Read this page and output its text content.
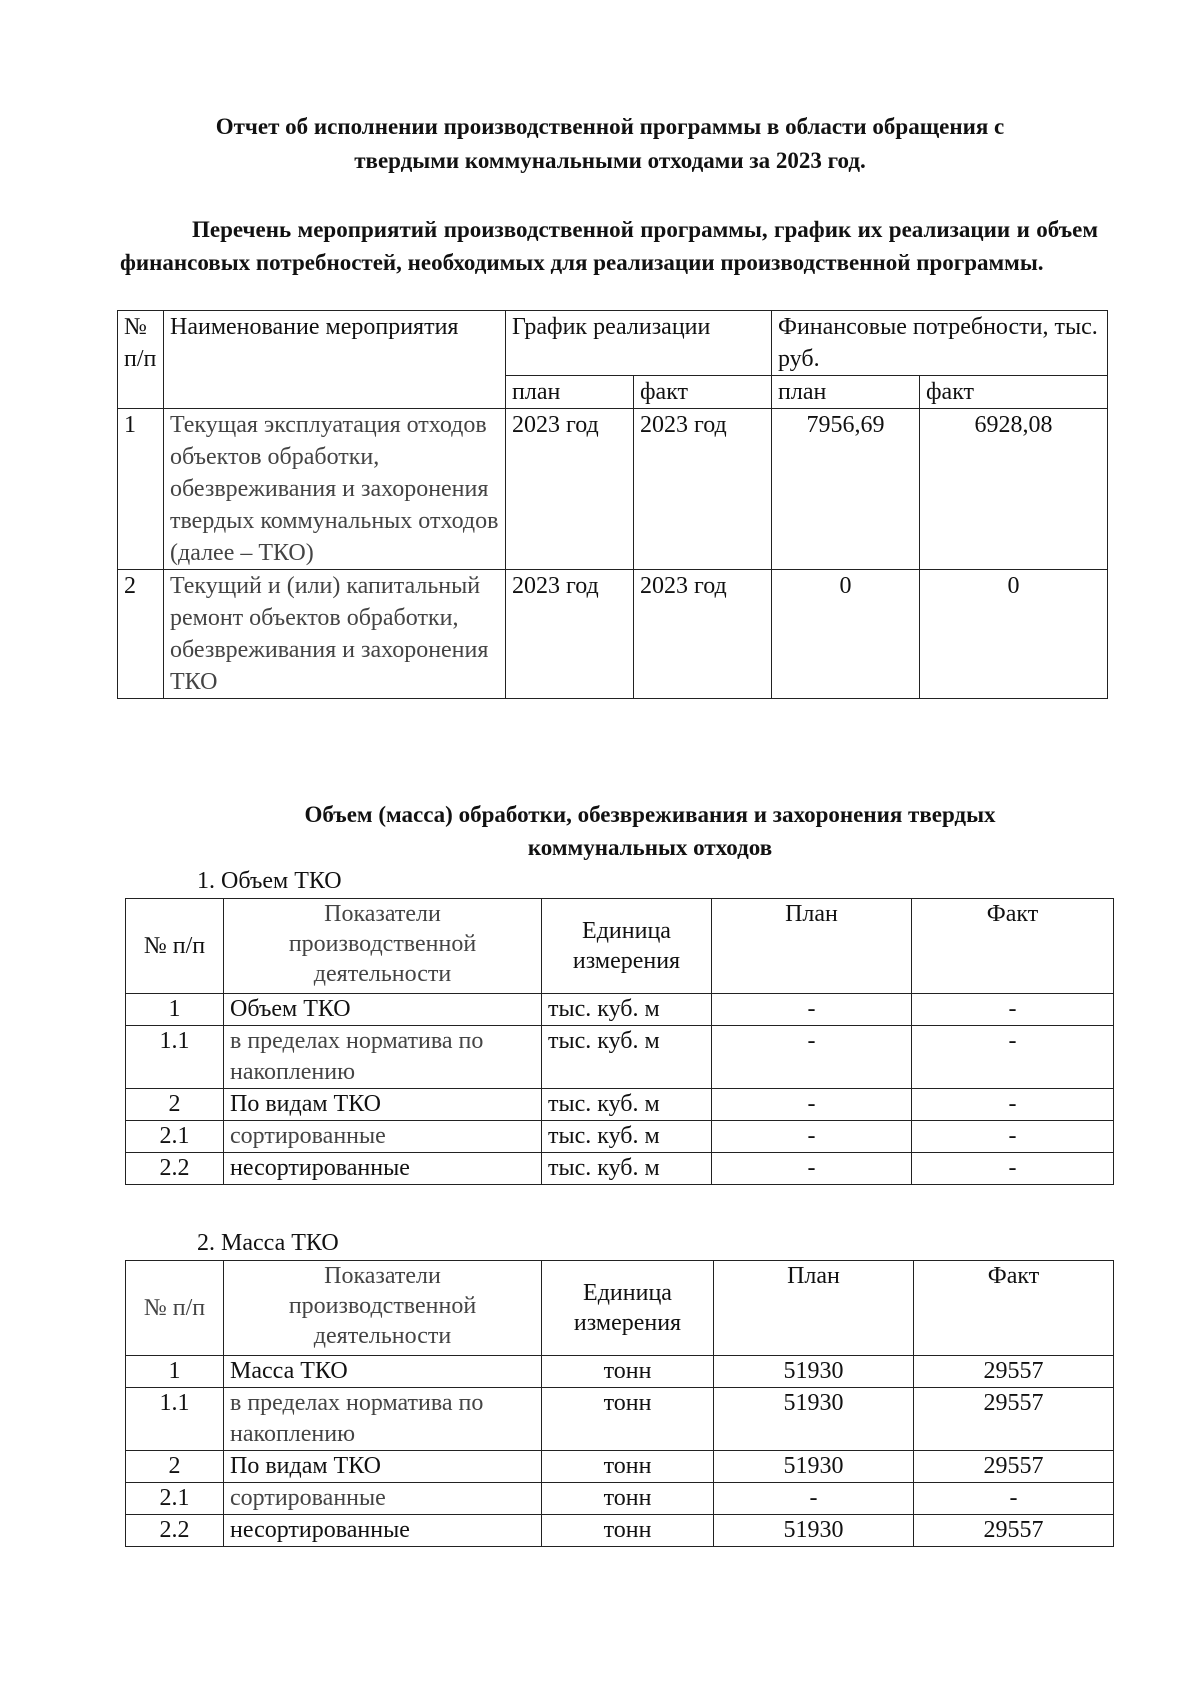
Отчет об исполнении производственной программы в области обращения с
твердыми коммунальными отходами за 2023 год.

Перечень мероприятий производственной программы, график их реализации и объем финансовых потребностей, необходимых для реализации производственной программы.

№ п/п	Наименование мероприятия	График реализации		Финансовые потребности, тыс. руб.	
		план	факт	план	факт
1	Текущая эксплуатация отходов объектов обработки, обезвреживания и захоронения твердых коммунальных отходов (далее – ТКО)	2023 год	2023 год	7956,69	6928,08
2	Текущий и (или) капитальный ремонт объектов обработки, обезвреживания и захоронения ТКО	2023 год	2023 год	0	0
Объем (масса) обработки, обезвреживания и захоронения твердых
коммунальных отходов

1. Объем ТКО

№ п/п	Показатели производственной деятельности	Единица измерения	План	Факт
1	Объем ТКО	тыс. куб. м	-	-
1.1	в пределах норматива по накоплению	тыс. куб. м	-	-
2	По видам ТКО	тыс. куб. м	-	-
2.1	сортированные	тыс. куб. м	-	-
2.2	несортированные	тыс. куб. м	-	-

2. Масса ТКО

№ п/п	Показатели производственной деятельности	Единица измерения	План	Факт
1	Масса ТКО	тонн	51930	29557
1.1	в пределах норматива по накоплению	тонн	51930	29557
2	По видам ТКО	тонн	51930	29557
2.1	сортированные	тонн	-	-
2.2	несортированные	тонн	51930	29557
